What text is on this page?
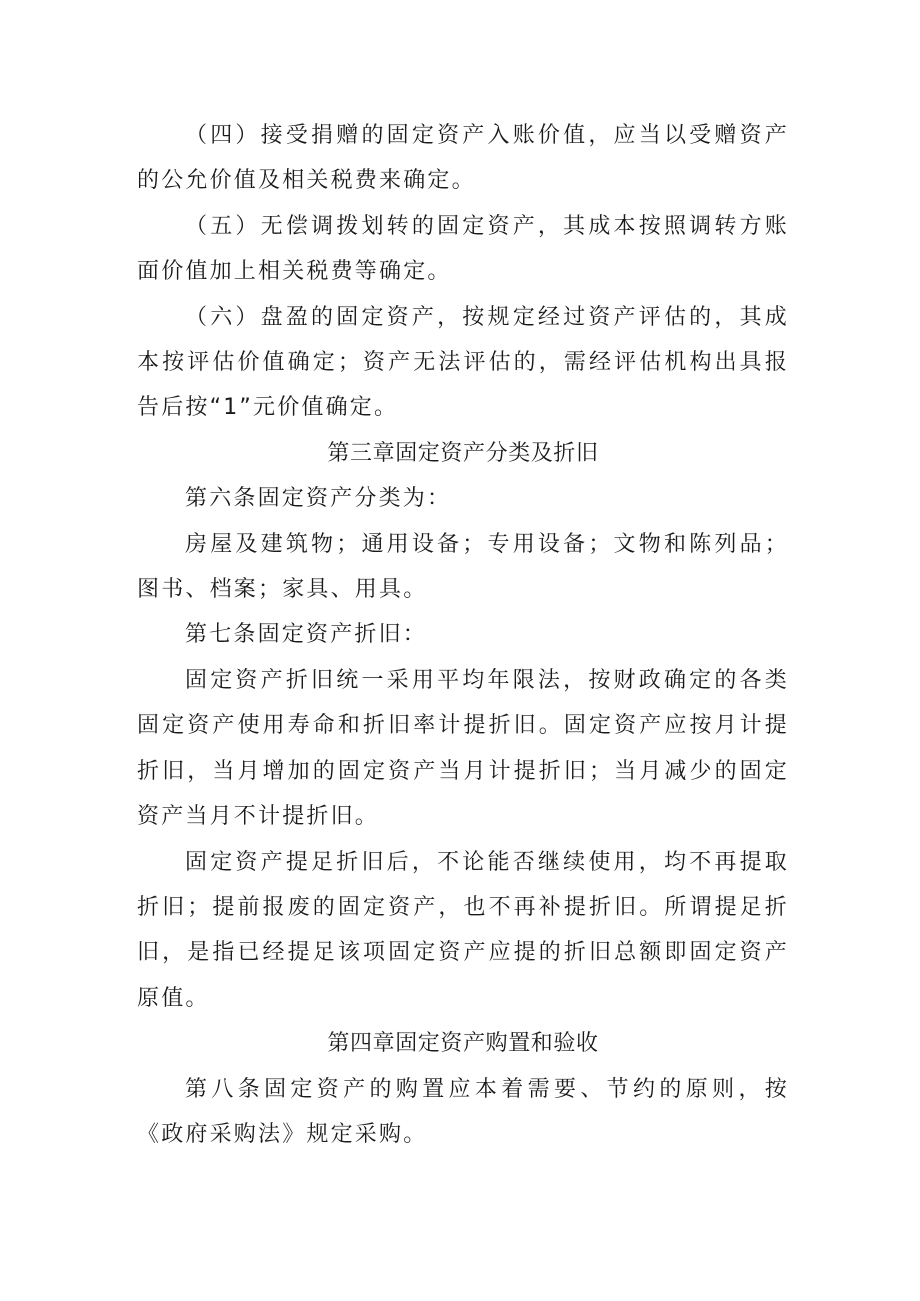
（四）接受捐赠的固定资产入账价值，应当以受赠资产的公允价值及相关税费来确定。

（五）无偿调拨划转的固定资产，其成本按照调转方账面价值加上相关税费等确定。

（六）盘盈的固定资产，按规定经过资产评估的，其成本按评估价值确定；资产无法评估的，需经评估机构出具报告后按“1”元价值确定。

第三章固定资产分类及折旧

第六条固定资产分类为：

房屋及建筑物；通用设备；专用设备；文物和陈列品；图书、档案；家具、用具。

第七条固定资产折旧：

固定资产折旧统一采用平均年限法，按财政确定的各类固定资产使用寿命和折旧率计提折旧。固定资产应按月计提折旧，当月增加的固定资产当月计提折旧；当月减少的固定资产当月不计提折旧。

固定资产提足折旧后，不论能否继续使用，均不再提取折旧；提前报废的固定资产，也不再补提折旧。所谓提足折旧，是指已经提足该项固定资产应提的折旧总额即固定资产原值。

第四章固定资产购置和验收

第八条固定资产的购置应本着需要、节约的原则，按《政府采购法》规定采购。
